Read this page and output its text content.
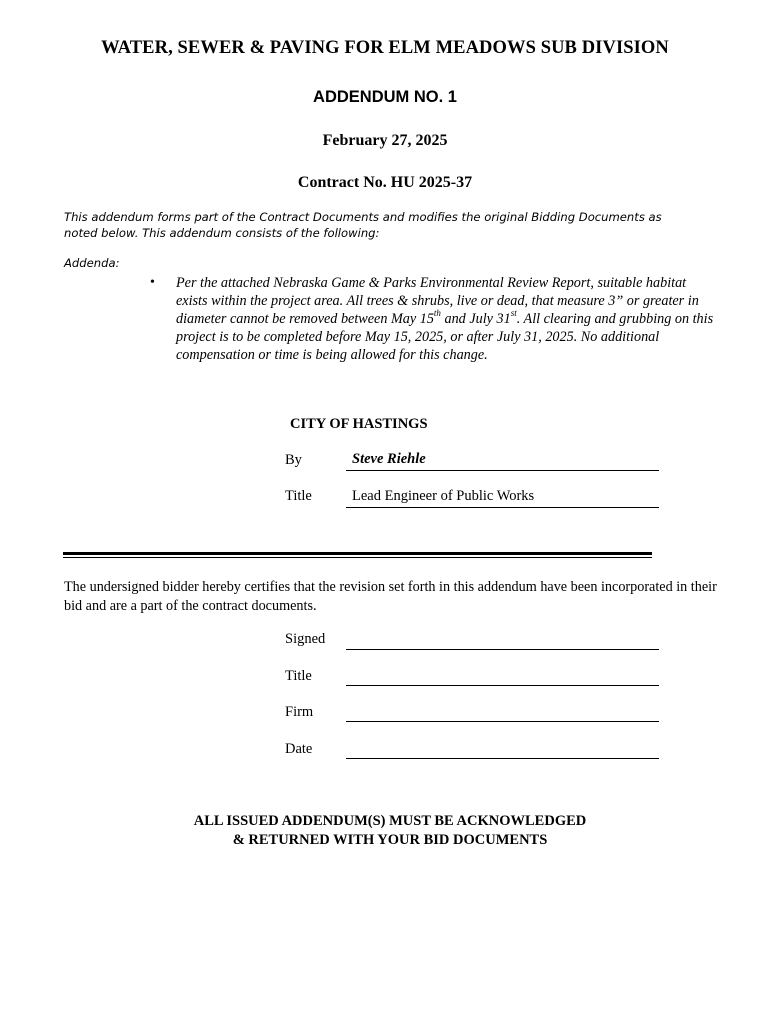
WATER, SEWER & PAVING FOR ELM MEADOWS SUB DIVISION
ADDENDUM NO. 1
February 27, 2025
Contract No. HU 2025-37
This addendum forms part of the Contract Documents and modifies the original Bidding Documents as noted below. This addendum consists of the following:
Addenda:
• Per the attached Nebraska Game & Parks Environmental Review Report, suitable habitat exists within the project area. All trees & shrubs, live or dead, that measure 3” or greater in diameter cannot be removed between May 15th and July 31st. All clearing and grubbing on this project is to be completed before May 15, 2025, or after July 31, 2025. No additional compensation or time is being allowed for this change.
CITY OF HASTINGS
By	Steve Riehle
Title	Lead Engineer of Public Works
The undersigned bidder hereby certifies that the revision set forth in this addendum have been incorporated in their bid and are a part of the contract documents.
Signed
Title
Firm
Date
ALL ISSUED ADDENDUM(S) MUST BE ACKNOWLEDGED
& RETURNED WITH YOUR BID DOCUMENTS
